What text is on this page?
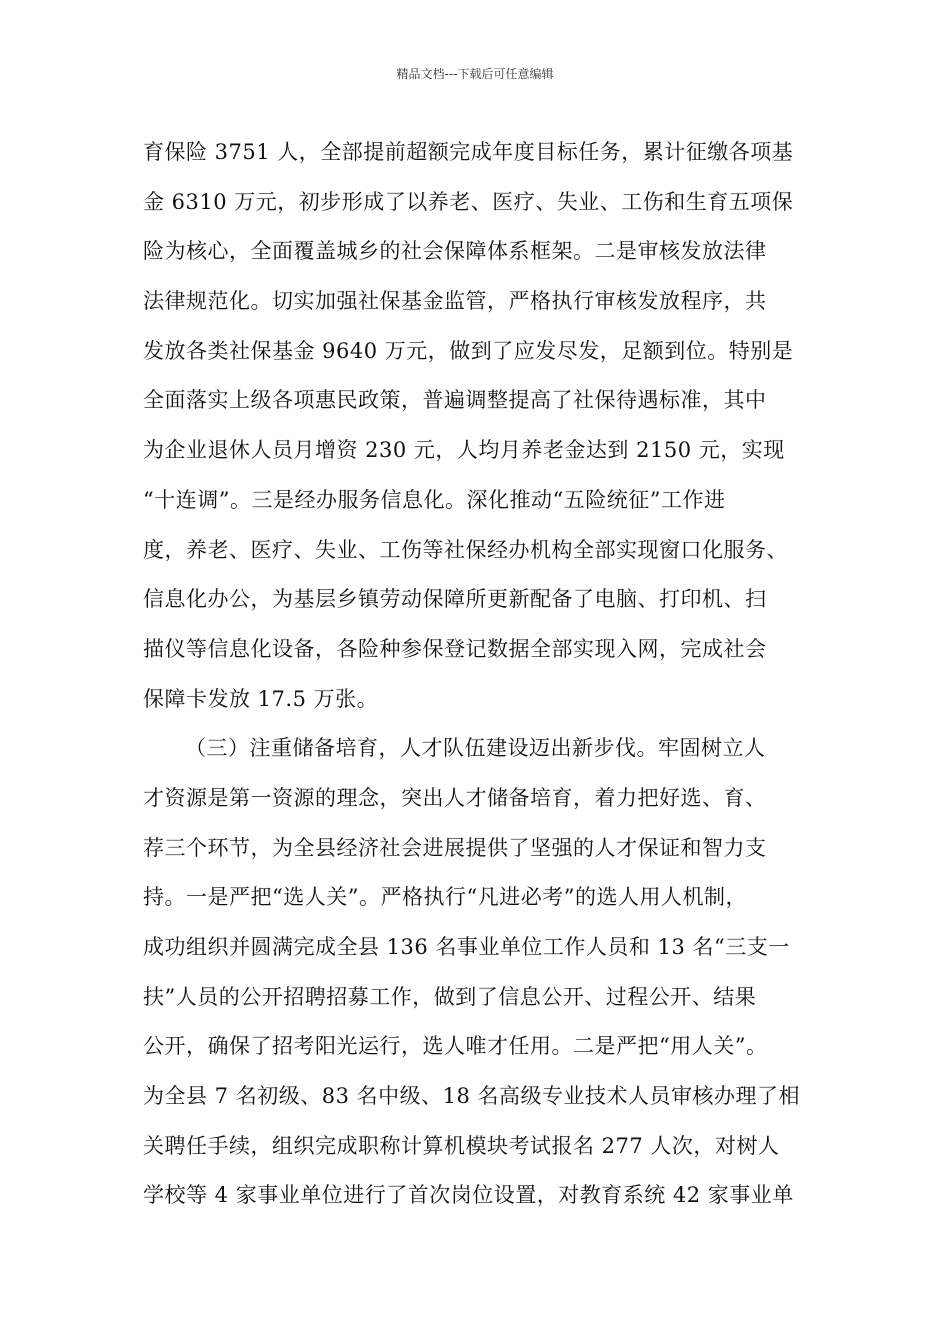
精品文档---下载后可任意编辑
育保险 3751 人，全部提前超额完成年度目标任务，累计征缴各项基
金 6310 万元，初步形成了以养老、医疗、失业、工伤和生育五项保
险为核心，全面覆盖城乡的社会保障体系框架。二是审核发放法律
法律规范化。切实加强社保基金监管，严格执行审核发放程序，共
发放各类社保基金 9640 万元，做到了应发尽发，足额到位。特别是
全面落实上级各项惠民政策，普遍调整提高了社保待遇标准，其中
为企业退休人员月增资 230 元，人均月养老金达到 2150 元，实现
“十连调”。三是经办服务信息化。深化推动“五险统征”工作进
度，养老、医疗、失业、工伤等社保经办机构全部实现窗口化服务、
信息化办公，为基层乡镇劳动保障所更新配备了电脑、打印机、扫
描仪等信息化设备，各险种参保登记数据全部实现入网，完成社会
保障卡发放 17.5 万张。
（三）注重储备培育，人才队伍建设迈出新步伐。牢固树立人
才资源是第一资源的理念，突出人才储备培育，着力把好选、育、
荐三个环节，为全县经济社会进展提供了坚强的人才保证和智力支
持。一是严把“选人关”。严格执行“凡进必考”的选人用人机制，
成功组织并圆满完成全县 136 名事业单位工作人员和 13 名“三支一
扶”人员的公开招聘招募工作，做到了信息公开、过程公开、结果
公开，确保了招考阳光运行，选人唯才任用。二是严把“用人关”。
为全县 7 名初级、83 名中级、18 名高级专业技术人员审核办理了相
关聘任手续，组织完成职称计算机模块考试报名 277 人次，对树人
学校等 4 家事业单位进行了首次岗位设置，对教育系统 42 家事业单
